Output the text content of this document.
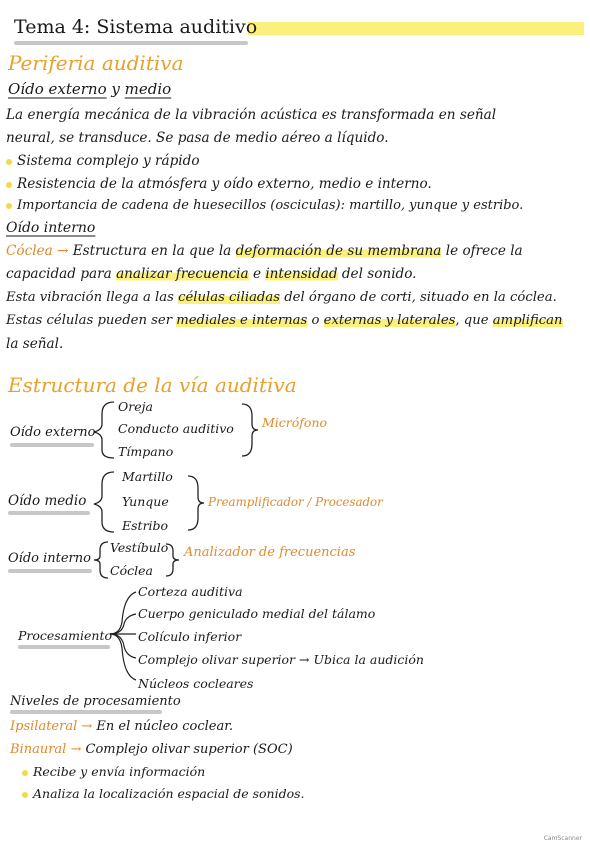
Tema 4: Sistema auditivo
Periferia auditiva
Oído externo y medio
La energía mecánica de la vibración acústica es transformada en señal
neural, se transduce. Se pasa de medio aéreo a líquido.
Sistema complejo y rápido
Resistencia de la atmósfera y oído externo, medio e interno.
Importancia de cadena de huesecillos (osciculas): martillo, yunque y estribo.
Oído interno
Cóclea → Estructura en la que la deformación de su membrana le ofrece la
capacidad para analizar frecuencia e intensidad del sonido.
Esta vibración llega a las células ciliadas del órgano de corti, situado en la cóclea.
Estas células pueden ser mediales e internas o externas y laterales, que amplifican
la señal.
Estructura de la vía auditiva
Oído externo
Oreja
Conducto auditivo
Tímpano
Micrófono
Oído medio
Martillo
Yunque
Estribo
Preamplificador / Procesador
Oído interno
Vestíbulo
Cóclea
Analizador de frecuencias
Procesamiento
Corteza auditiva
Cuerpo geniculado medial del tálamo
Colículo inferior
Complejo olivar superior → Ubica la audición
Núcleos cocleares
Niveles de procesamiento
Ipsilateral → En el núcleo coclear.
Binaural → Complejo olivar superior (SOC)
Recibe y envía información
Analiza la localización espacial de sonidos.
CamScanner
